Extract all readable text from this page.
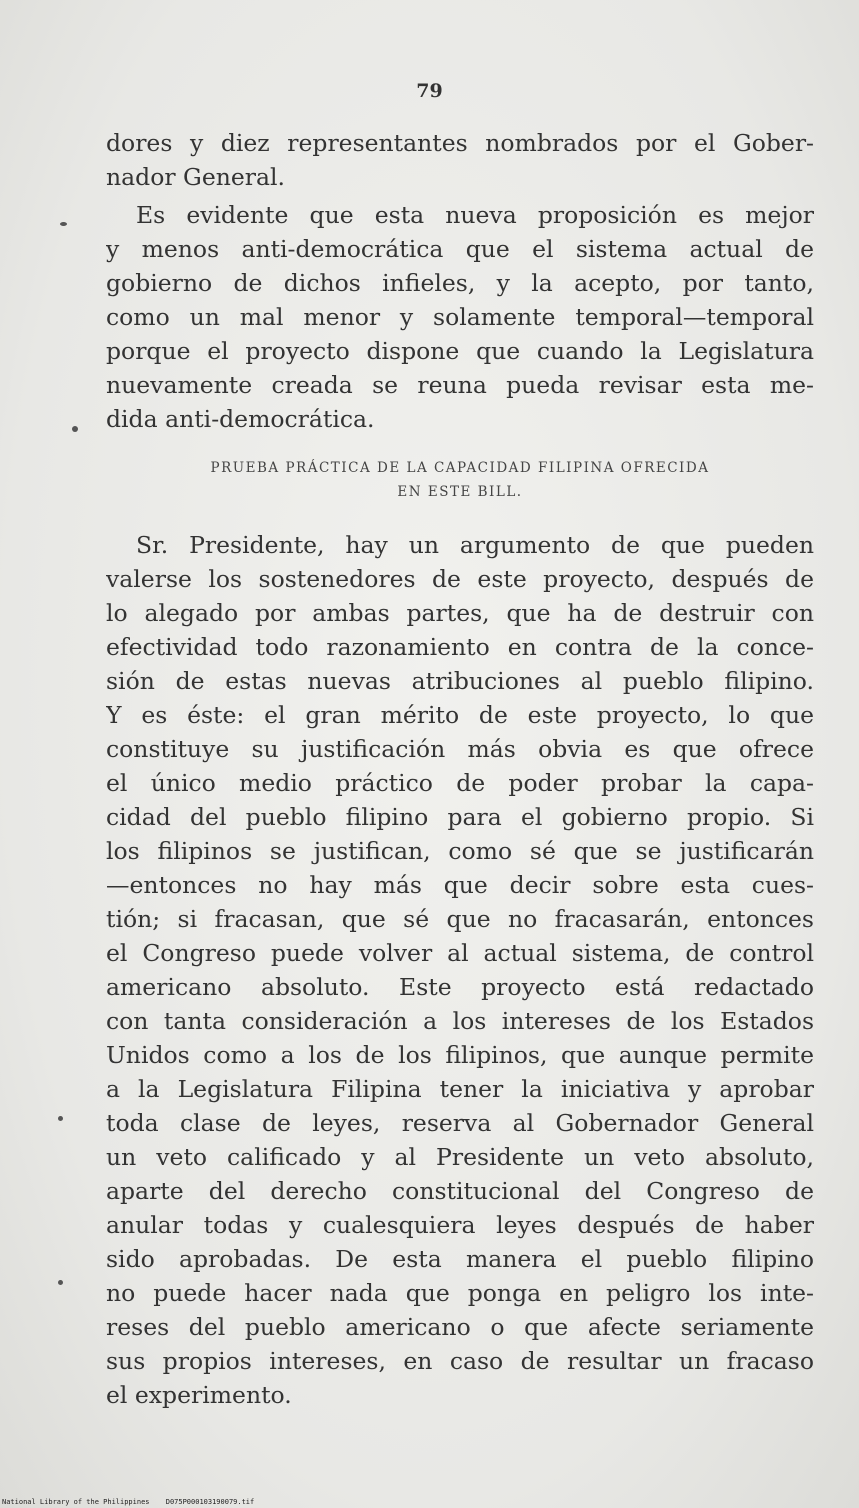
79
dores y diez representantes nombrados por el Gober-
nador General.
Es evidente que esta nueva proposición es mejor
y menos anti-democrática que el sistema actual de
gobierno de dichos infieles, y la acepto, por tanto,
como un mal menor y solamente temporal—temporal
porque el proyecto dispone que cuando la Legislatura
nuevamente creada se reuna pueda revisar esta me-
dida anti-democrática.
PRUEBA PRÁCTICA DE LA CAPACIDAD FILIPINA OFRECIDA
EN ESTE BILL.
Sr. Presidente, hay un argumento de que pueden
valerse los sostenedores de este proyecto, después de
lo alegado por ambas partes, que ha de destruir con
efectividad todo razonamiento en contra de la conce-
sión de estas nuevas atribuciones al pueblo filipino.
Y es éste: el gran mérito de este proyecto, lo que
constituye su justificación más obvia es que ofrece
el único medio práctico de poder probar la capa-
cidad del pueblo filipino para el gobierno propio. Si
los filipinos se justifican, como sé que se justificarán
—entonces no hay más que decir sobre esta cues-
tión; si fracasan, que sé que no fracasarán, entonces
el Congreso puede volver al actual sistema, de control
americano absoluto. Este proyecto está redactado
con tanta consideración a los intereses de los Estados
Unidos como a los de los filipinos, que aunque permite
a la Legislatura Filipina tener la iniciativa y aprobar
toda clase de leyes, reserva al Gobernador General
un veto calificado y al Presidente un veto absoluto,
aparte del derecho constitucional del Congreso de
anular todas y cualesquiera leyes después de haber
sido aprobadas. De esta manera el pueblo filipino
no puede hacer nada que ponga en peligro los inte-
reses del pueblo americano o que afecte seriamente
sus propios intereses, en caso de resultar un fracaso
el experimento.
National Library of the Philippines D075P000103190079.tif
